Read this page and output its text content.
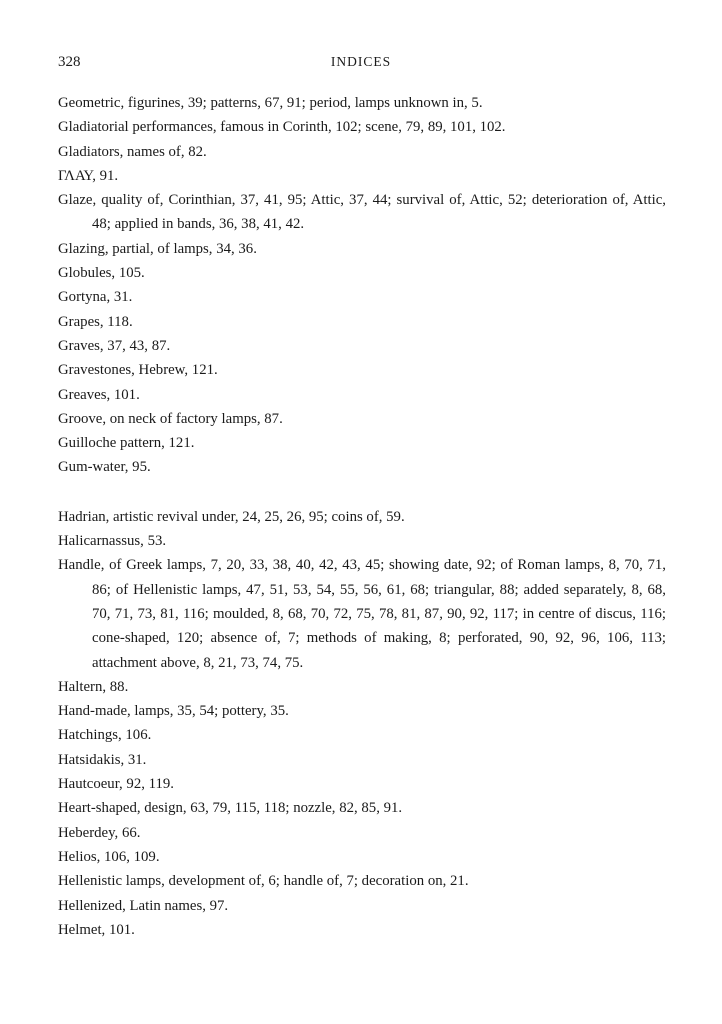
328	INDICES
Geometric, figurines, 39; patterns, 67, 91; period, lamps unknown in, 5.
Gladiatorial performances, famous in Corinth, 102; scene, 79, 89, 101, 102.
Gladiators, names of, 82.
ΓΛΑΥ, 91.
Glaze, quality of, Corinthian, 37, 41, 95; Attic, 37, 44; survival of, Attic, 52; deterioration of, Attic, 48; applied in bands, 36, 38, 41, 42.
Glazing, partial, of lamps, 34, 36.
Globules, 105.
Gortyna, 31.
Grapes, 118.
Graves, 37, 43, 87.
Gravestones, Hebrew, 121.
Greaves, 101.
Groove, on neck of factory lamps, 87.
Guilloche pattern, 121.
Gum-water, 95.
Hadrian, artistic revival under, 24, 25, 26, 95; coins of, 59.
Halicarnassus, 53.
Handle, of Greek lamps, 7, 20, 33, 38, 40, 42, 43, 45; showing date, 92; of Roman lamps, 8, 70, 71, 86; of Hellenistic lamps, 47, 51, 53, 54, 55, 56, 61, 68; triangular, 88; added separately, 8, 68, 70, 71, 73, 81, 116; moulded, 8, 68, 70, 72, 75, 78, 81, 87, 90, 92, 117; in centre of discus, 116; cone-shaped, 120; absence of, 7; methods of making, 8; perforated, 90, 92, 96, 106, 113; attachment above, 8, 21, 73, 74, 75.
Haltern, 88.
Hand-made, lamps, 35, 54; pottery, 35.
Hatchings, 106.
Hatsidakis, 31.
Hautcoeur, 92, 119.
Heart-shaped, design, 63, 79, 115, 118; nozzle, 82, 85, 91.
Heberdey, 66.
Helios, 106, 109.
Hellenistic lamps, development of, 6; handle of, 7; decoration on, 21.
Hellenized, Latin names, 97.
Helmet, 101.
